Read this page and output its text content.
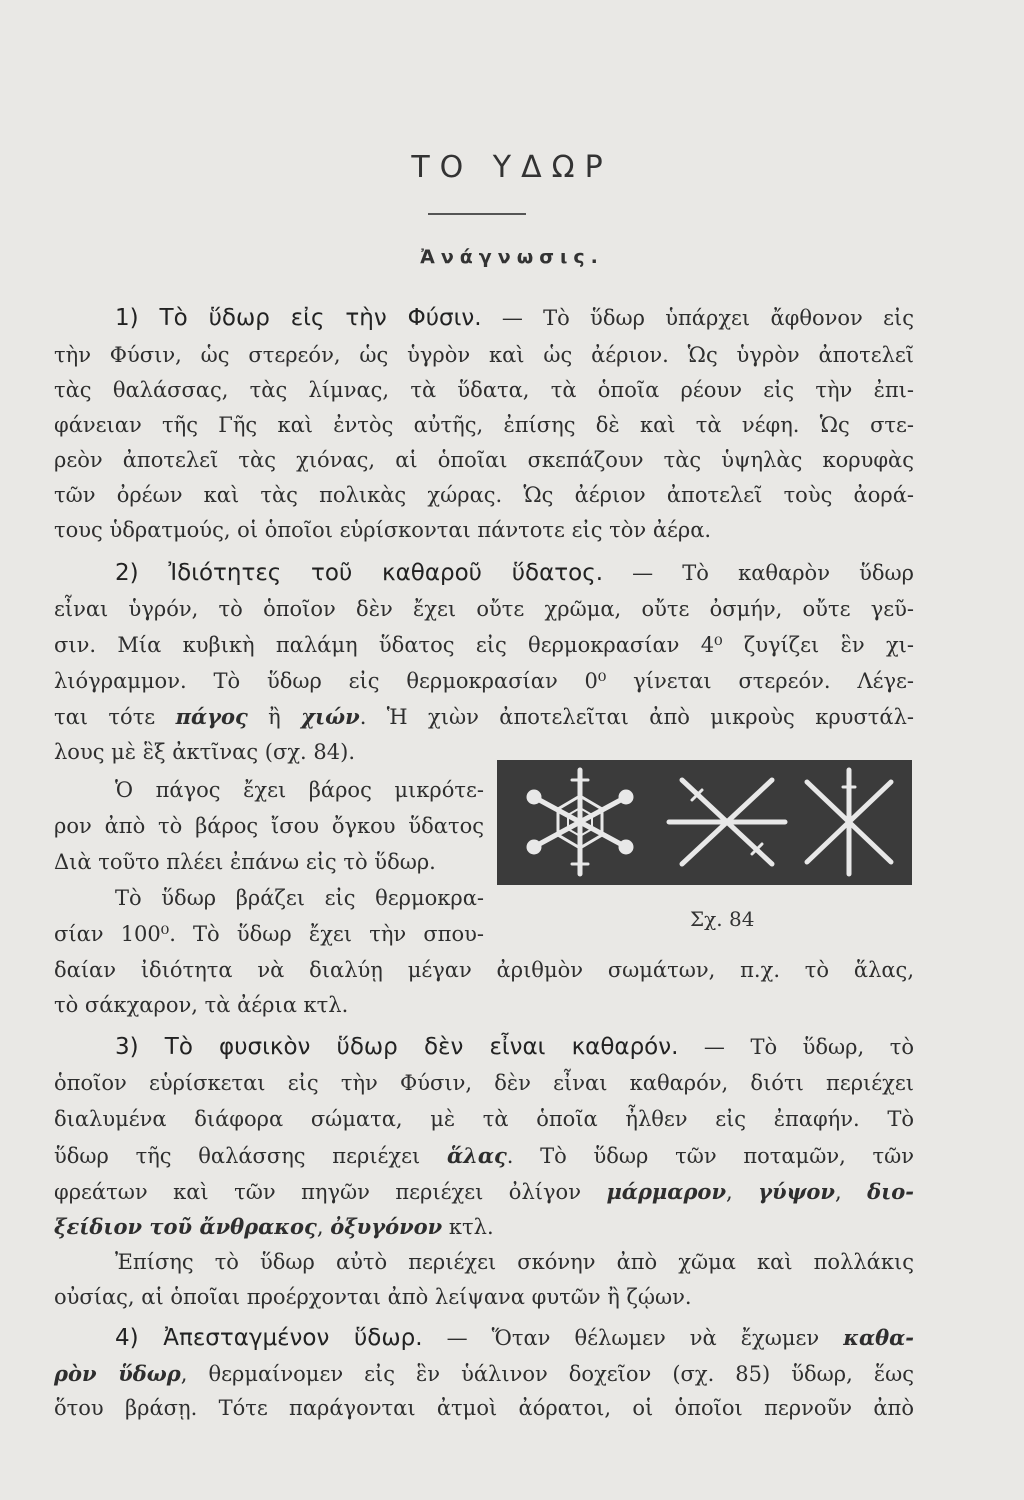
ΤΟ ΥΔΩΡ
Ἀνάγνωσις.
1) Τὸ ὕδωρ εἰς τὴν Φύσιν. — Τὸ ὕδωρ ὑπάρχει ἄφθονον εἰς
τὴν Φύσιν, ὡς στερεόν, ὡς ὑγρὸν καὶ ὡς ἀέριον. Ὡς ὑγρὸν ἀποτελεῖ
τὰς θαλάσσας, τὰς λίμνας, τὰ ὕδατα, τὰ ὁποῖα ρέουν εἰς τὴν ἐπι-
φάνειαν τῆς Γῆς καὶ ἐντὸς αὐτῆς, ἐπίσης δὲ καὶ τὰ νέφη. Ὡς στε-
ρεὸν ἀποτελεῖ τὰς χιόνας, αἱ ὁποῖαι σκεπάζουν τὰς ὑψηλὰς κορυφὰς
τῶν ὀρέων καὶ τὰς πολικὰς χώρας. Ὡς ἀέριον ἀποτελεῖ τοὺς ἀορά-
τους ὑδρατμούς, οἱ ὁποῖοι εὑρίσκονται πάντοτε εἰς τὸν ἀέρα.
2) Ἰδιότητες τοῦ καθαροῦ ὕδατος. — Τὸ καθαρὸν ὕδωρ
εἶναι ὑγρόν, τὸ ὁποῖον δὲν ἔχει οὔτε χρῶμα, οὔτε ὀσμήν, οὔτε γεῦ-
σιν. Μία κυβικὴ παλάμη ὕδατος εἰς θερμοκρασίαν 4⁰ ζυγίζει ἓν χι-
λιόγραμμον. Τὸ ὕδωρ εἰς θερμοκρασίαν 0⁰ γίνεται στερεόν. Λέγε-
ται τότε πάγος ἢ χιών. Ἡ χιὼν ἀποτελεῖται ἀπὸ μικροὺς κρυστάλ-
λους μὲ ἓξ ἀκτῖνας (σχ. 84).
Ὁ πάγος ἔχει βάρος μικρότε-
ρον ἀπὸ τὸ βάρος ἴσου ὄγκου ὕδατος
Διὰ τοῦτο πλέει ἐπάνω εἰς τὸ ὕδωρ.
Τὸ ὕδωρ βράζει εἰς θερμοκρα-
σίαν 100⁰. Τὸ ὕδωρ ἔχει τὴν σπου-
δαίαν ἰδιότητα νὰ διαλύῃ μέγαν ἀριθμὸν σωμάτων, π.χ. τὸ ἅλας,
τὸ σάκχαρον, τὰ ἀέρια κτλ.
Σχ. 84
3) Τὸ φυσικὸν ὕδωρ δὲν εἶναι καθαρόν. — Τὸ ὕδωρ, τὸ
ὁποῖον εὑρίσκεται εἰς τὴν Φύσιν, δὲν εἶναι καθαρόν, διότι περιέχει
διαλυμένα διάφορα σώματα, μὲ τὰ ὁποῖα ἦλθεν εἰς ἐπαφήν. Τὸ
ὕδωρ τῆς θαλάσσης περιέχει ἅλας. Τὸ ὕδωρ τῶν ποταμῶν, τῶν
φρεάτων καὶ τῶν πηγῶν περιέχει ὀλίγον μάρμαρον, γύψον, διο-
ξείδιον τοῦ ἄνθρακος, ὀξυγόνον κτλ.
Ἐπίσης τὸ ὕδωρ αὐτὸ περιέχει σκόνην ἀπὸ χῶμα καὶ πολλάκις
οὐσίας, αἱ ὁποῖαι προέρχονται ἀπὸ λείψανα φυτῶν ἢ ζῴων.
4) Ἀπεσταγμένον ὕδωρ. — Ὅταν θέλωμεν νὰ ἔχωμεν καθα-
ρὸν ὕδωρ, θερμαίνομεν εἰς ἓν ὑάλινον δοχεῖον (σχ. 85) ὕδωρ, ἕως
ὅτου βράσῃ. Τότε παράγονται ἀτμοὶ ἀόρατοι, οἱ ὁποῖοι περνοῦν ἀπὸ
